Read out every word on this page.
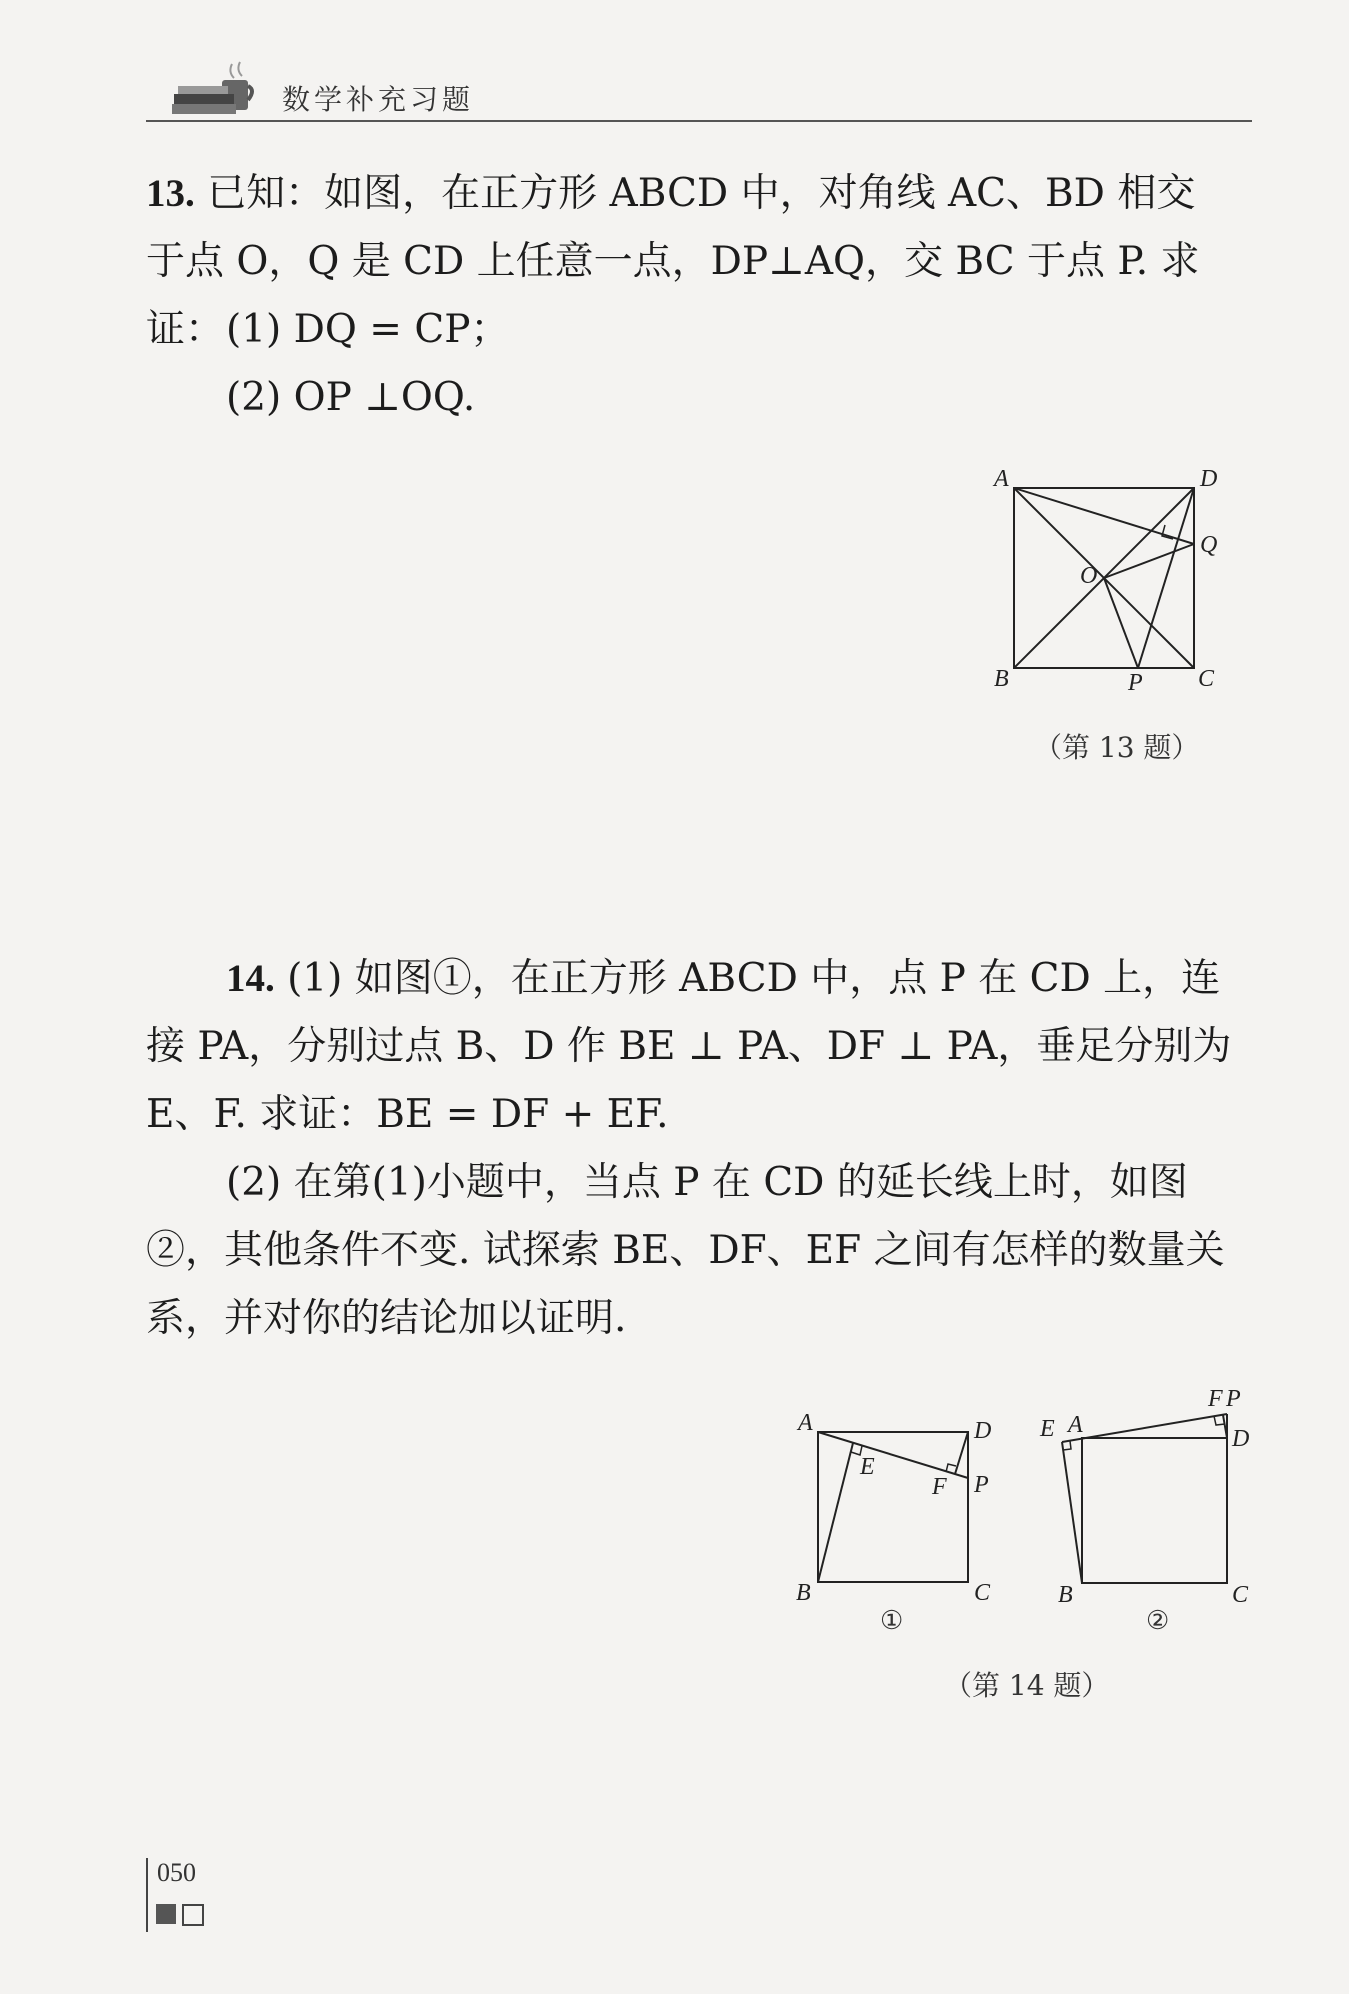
数学补充习题

13. 已知：如图，在正方形 ABCD 中，对角线 AC、BD 相交
于点 O，Q 是 CD 上任意一点，DP⊥AQ，交 BC 于点 P. 求证： (1) DQ = CP；

(2) OP ⊥OQ.

A	D
Q
O
B	P C
（第 13 题）

14. (1) 如图①，在正方形 ABCD 中，点 P 在 CD 上，连接 PA，分别过点 B、D 作 BE ⊥ PA、DF ⊥ PA，垂足分别为 E、F. 求证：BE = DF + EF.

(2) 在第(1)小题中，当点 P 在 CD 的延长线上时，如图②，其他条件不变. 试探索 BE、DF、EF 之间有怎样的数量关系，并对你的结论加以证明.

A	D
E
F P
B	C
①
E A
F P
D
B	C
②
（第 14 题）
050
